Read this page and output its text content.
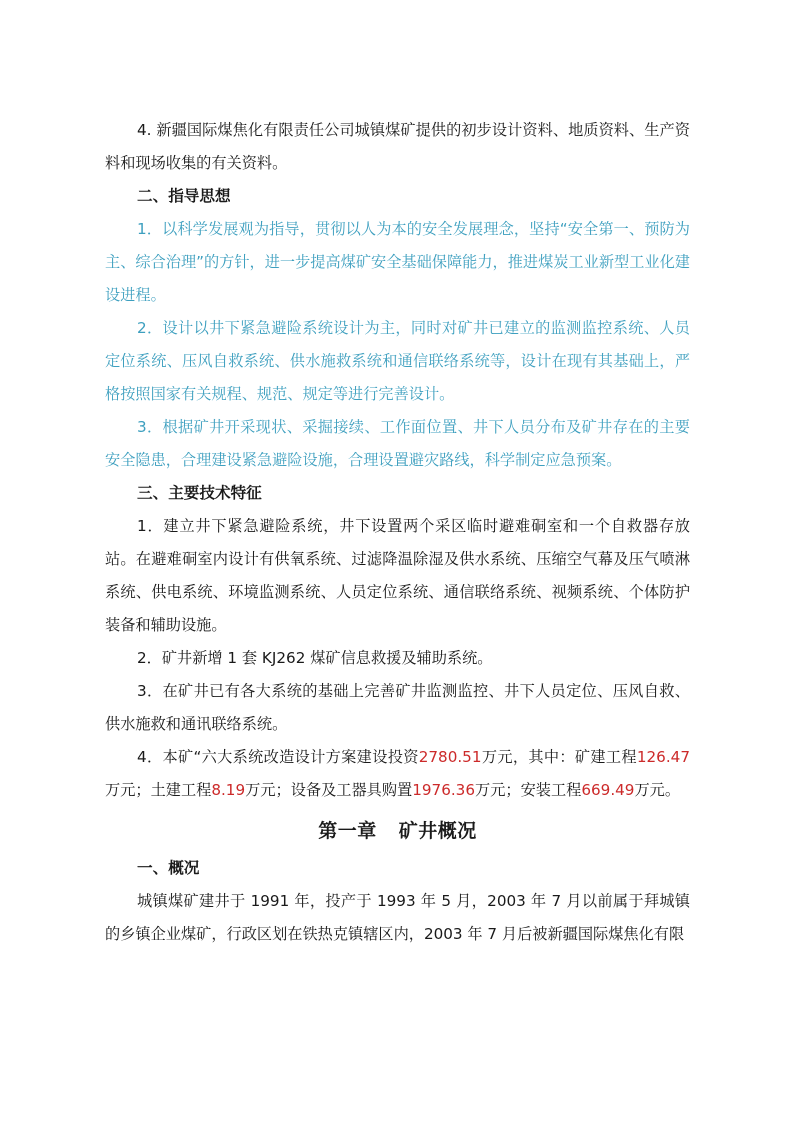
4. 新疆国际煤焦化有限责任公司城镇煤矿提供的初步设计资料、地质资料、生产资料和现场收集的有关资料。

二、指导思想

1．以科学发展观为指导，贯彻以人为本的安全发展理念，坚持“安全第一、预防为主、综合治理”的方针，进一步提高煤矿安全基础保障能力，推进煤炭工业新型工业化建设进程。

2．设计以井下紧急避险系统设计为主，同时对矿井已建立的监测监控系统、人员定位系统、压风自救系统、供水施救系统和通信联络系统等，设计在现有其基础上，严格按照国家有关规程、规范、规定等进行完善设计。

3．根据矿井开采现状、采掘接续、工作面位置、井下人员分布及矿井存在的主要安全隐患，合理建设紧急避险设施，合理设置避灾路线，科学制定应急预案。

三、主要技术特征

1．建立井下紧急避险系统，井下设置两个采区临时避难硐室和一个自救器存放站。在避难硐室内设计有供氧系统、过滤降温除湿及供水系统、压缩空气幕及压气喷淋系统、供电系统、环境监测系统、人员定位系统、通信联络系统、视频系统、个体防护装备和辅助设施。

2．矿井新增 1 套 KJ262 煤矿信息救援及辅助系统。

3．在矿井已有各大系统的基础上完善矿井监测监控、井下人员定位、压风自救、供水施救和通讯联络系统。

4．本矿“六大系统改造设计方案建设投资2780.51万元，其中：矿建工程126.47万元；土建工程8.19万元；设备及工器具购置1976.36万元；安装工程669.49万元。

第一章 矿井概况

一、概况

城镇煤矿建井于 1991 年，投产于 1993 年 5 月，2003 年 7 月以前属于拜城镇的乡镇企业煤矿，行政区划在铁热克镇辖区内，2003 年 7 月后被新疆国际煤焦化有限
